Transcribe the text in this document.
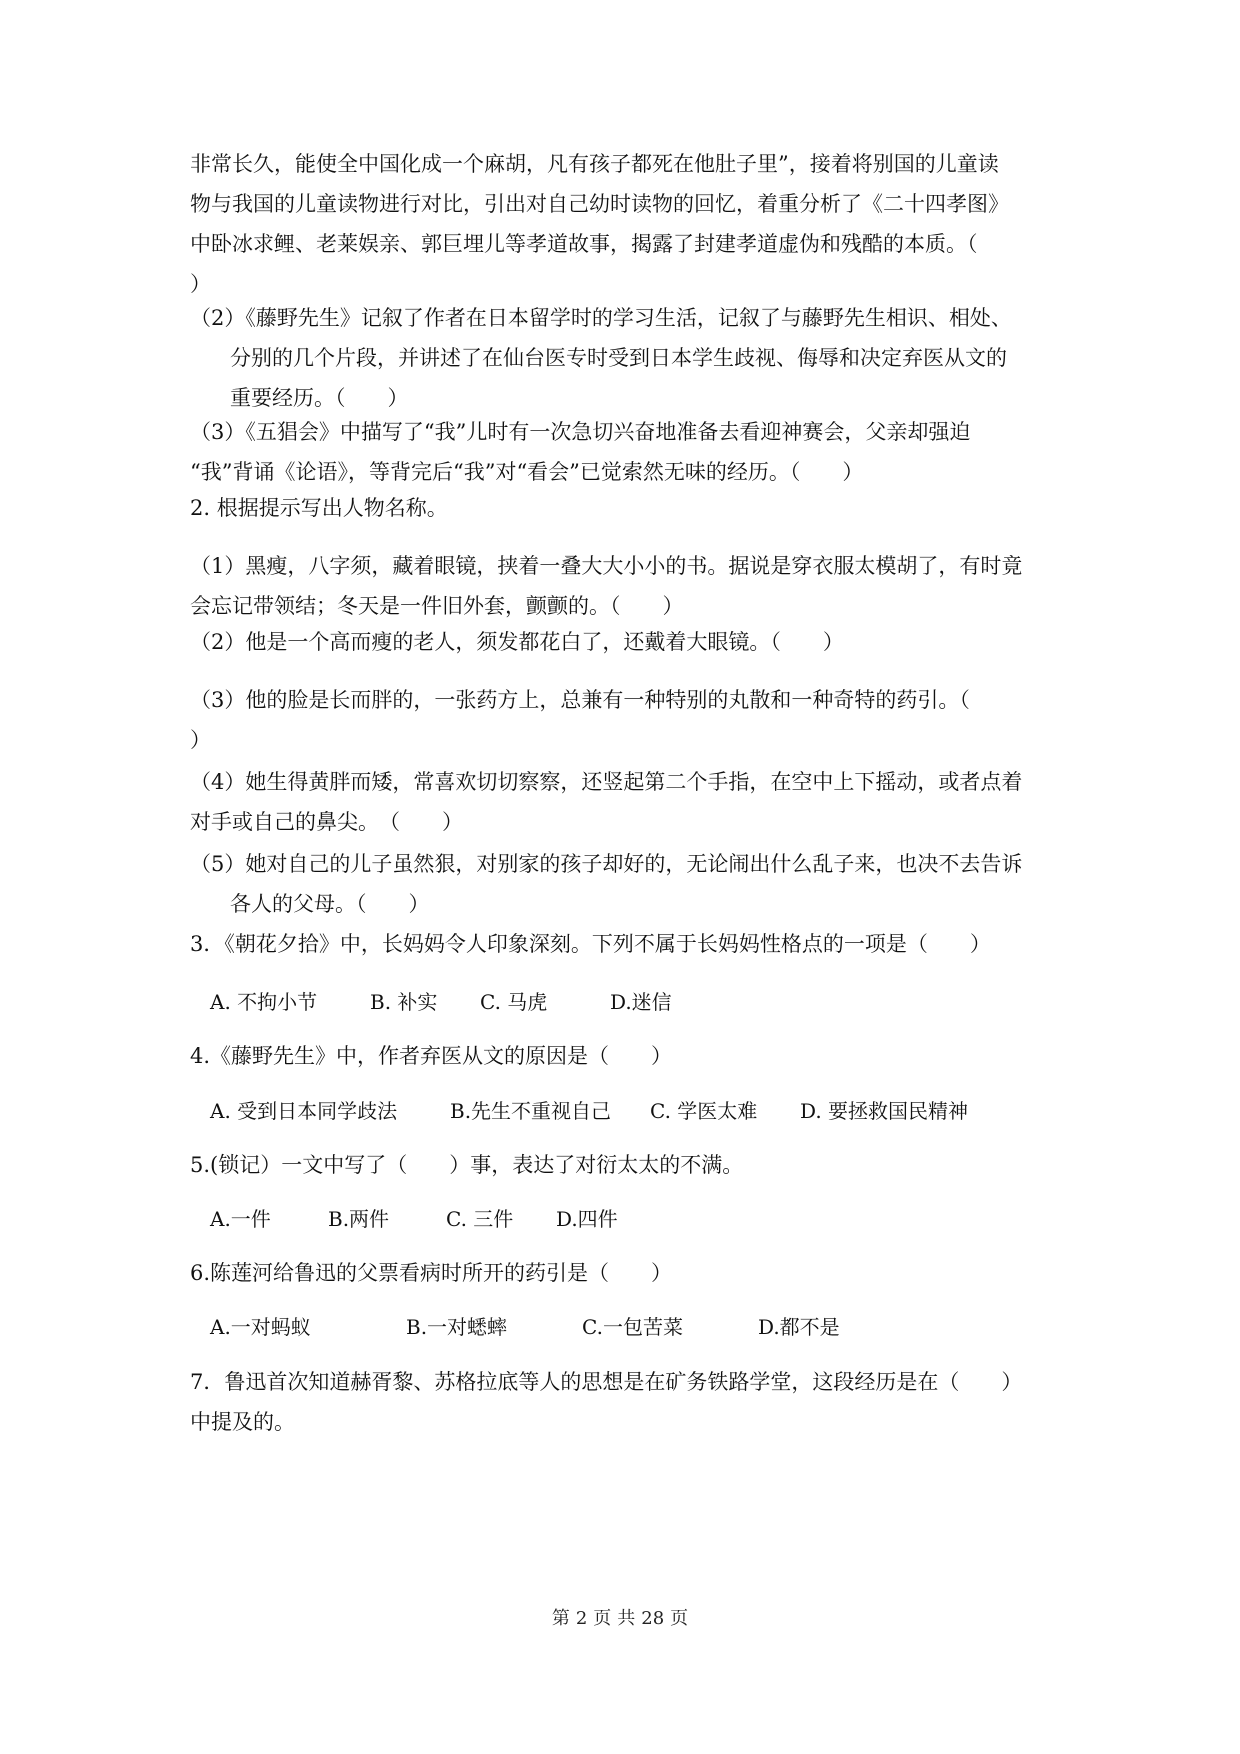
非常长久，能使全中国化成一个麻胡，凡有孩子都死在他肚子里”，接着将别国的儿童读
物与我国的儿童读物进行对比，引出对自己幼时读物的回忆，着重分析了《二十四孝图》
中卧冰求鲤、老莱娱亲、郭巨埋儿等孝道故事，揭露了封建孝道虚伪和残酷的本质。（
）
（2）《藤野先生》记叙了作者在日本留学时的学习生活，记叙了与藤野先生相识、相处、
分别的几个片段，并讲述了在仙台医专时受到日本学生歧视、侮辱和决定弃医从文的
重要经历。（　　）
（3）《五猖会》中描写了“我”儿时有一次急切兴奋地准备去看迎神赛会，父亲却强迫
“我”背诵《论语》，等背完后“我”对“看会”已觉索然无味的经历。（　　）
2. 根据提示写出人物名称。
（1）黑瘦，八字须，藏着眼镜，挟着一叠大大小小的书。据说是穿衣服太模胡了，有时竟
会忘记带领结；冬天是一件旧外套，颤颤的。（　　）
（2）他是一个高而瘦的老人，须发都花白了，还戴着大眼镜。（　　）
（3）他的脸是长而胖的，一张药方上，总兼有一种特别的丸散和一种奇特的药引。（
）
（4）她生得黄胖而矮，常喜欢切切察察，还竖起第二个手指，在空中上下摇动，或者点着
对手或自己的鼻尖。　（　　）
（5）她对自己的儿子虽然狠，对别家的孩子却好的，无论闹出什么乱子来，也决不去告诉
各人的父母。（　　）
3．《朝花夕拾》中，长妈妈令人印象深刻。下列不属于长妈妈性格点的一项是（　　）
A. 不拘小节	B. 补实 C. 马虎	D.迷信
4.《藤野先生》中，作者弃医从文的原因是（　　）
A. 受到日本同学歧法	B.先生不重视自己 C. 学医太难 D. 要拯救国民精神
5.(锁记）一文中写了（　　）事，表达了对衍太太的不满。
A.一件	B.两件	C. 三件 D.四件
6.陈莲河给鲁迅的父票看病时所开的药引是（　　）
A.一对蚂蚁	B.一对蟋蟀	C.一包苦菜	D.都不是
7．鲁迅首次知道赫胥黎、苏格拉底等人的思想是在矿务铁路学堂，这段经历是在（　　）
中提及的。
第 2 页 共 28 页
